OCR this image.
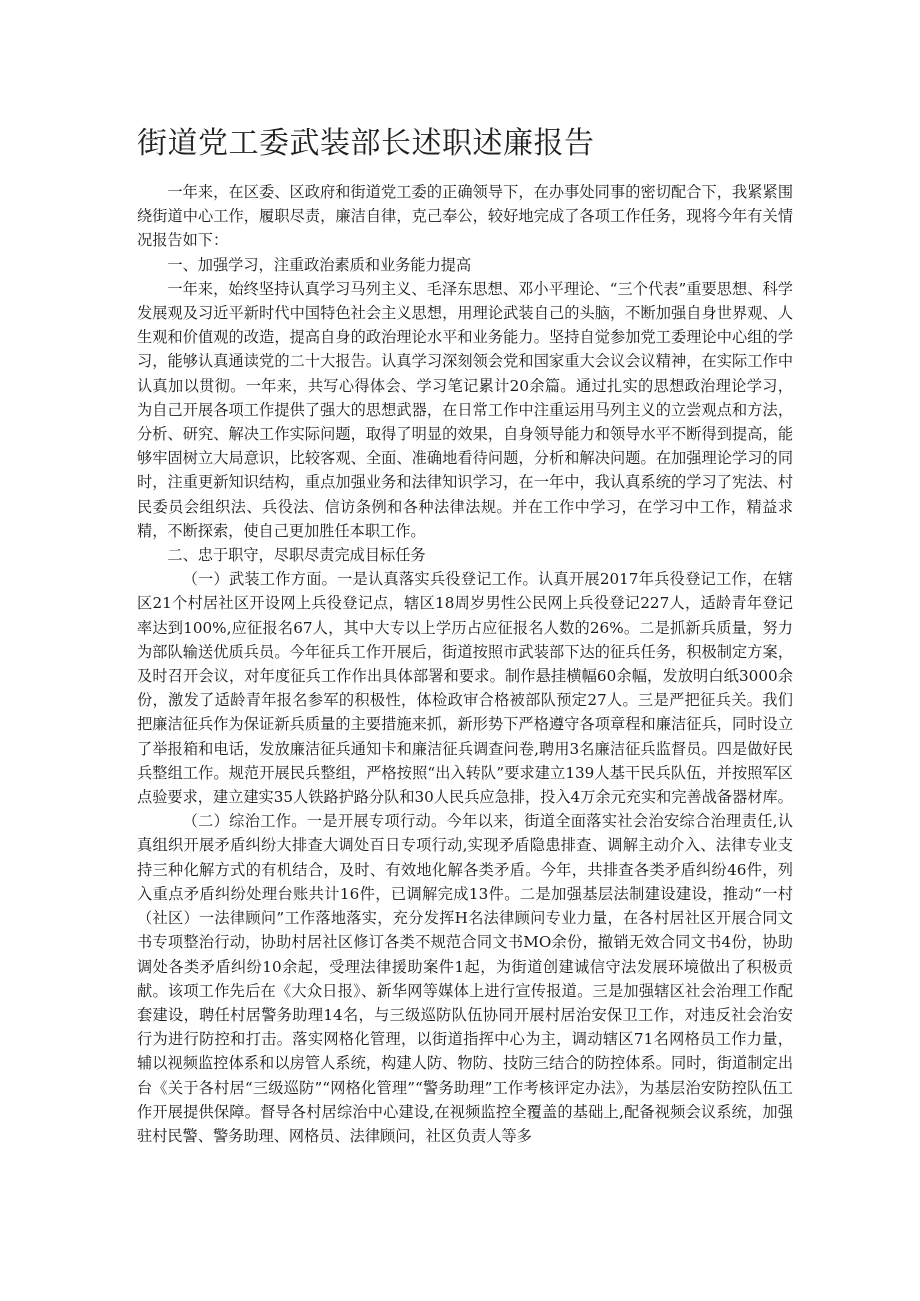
街道党工委武装部长述职述廉报告

一年来，在区委、区政府和街道党工委的正确领导下，在办事处同事的密切配合下，我紧紧围绕街道中心工作，履职尽责，廉洁自律，克己奉公，较好地完成了各项工作任务，现将今年有关情况报告如下：

一、加强学习，注重政治素质和业务能力提高

一年来，始终坚持认真学习马列主义、毛泽东思想、邓小平理论、“三个代表”重要思想、科学发展观及习近平新时代中国特色社会主义思想，用理论武装自己的头脑，不断加强自身世界观、人生观和价值观的改造，提高自身的政治理论水平和业务能力。坚持自觉参加党工委理论中心组的学习，能够认真通读党的二十大报告。认真学习深刻领会党和国家重大会议会议精神，在实际工作中认真加以贯彻。一年来，共写心得体会、学习笔记累计20余篇。通过扎实的思想政治理论学习，为自己开展各项工作提供了强大的思想武器，在日常工作中注重运用马列主义的立尝观点和方法，分析、研究、解决工作实际问题，取得了明显的效果，自身领导能力和领导水平不断得到提高，能够牢固树立大局意识，比较客观、全面、准确地看待问题，分析和解决问题。在加强理论学习的同时，注重更新知识结构，重点加强业务和法律知识学习，在一年中，我认真系统的学习了宪法、村民委员会组织法、兵役法、信访条例和各种法律法规。并在工作中学习，在学习中工作，精益求精，不断探索，使自己更加胜任本职工作。

二、忠于职守，尽职尽责完成目标任务

（一）武装工作方面。一是认真落实兵役登记工作。认真开展2017年兵役登记工作，在辖区21个村居社区开设网上兵役登记点，辖区18周岁男性公民网上兵役登记227人，适龄青年登记率达到100%,应征报名67人，其中大专以上学历占应征报名人数的26%。二是抓新兵质量，努力为部队输送优质兵员。今年征兵工作开展后，街道按照市武装部下达的征兵任务，积极制定方案，及时召开会议，对年度征兵工作作出具体部署和要求。制作悬挂横幅60余幅，发放明白纸3000余份，激发了适龄青年报名参军的积极性，体检政审合格被部队预定27人。三是严把征兵关。我们把廉洁征兵作为保证新兵质量的主要措施来抓，新形势下严格遵守各项章程和廉洁征兵，同时设立了举报箱和电话，发放廉洁征兵通知卡和廉洁征兵调查问卷,聘用3名廉洁征兵监督员。四是做好民兵整组工作。规范开展民兵整组，严格按照“出入转队”要求建立139人基干民兵队伍，并按照军区点验要求，建立建实35人铁路护路分队和30人民兵应急排，投入4万余元充实和完善战备器材库。

（二）综治工作。一是开展专项行动。今年以来，街道全面落实社会治安综合治理责任,认真组织开展矛盾纠纷大排查大调处百日专项行动,实现矛盾隐患排查、调解主动介入、法律专业支持三种化解方式的有机结合，及时、有效地化解各类矛盾。今年，共排查各类矛盾纠纷46件，列入重点矛盾纠纷处理台账共计16件，已调解完成13件。二是加强基层法制建设建设，推动“一村（社区）一法律顾问”工作落地落实，充分发挥H名法律顾问专业力量，在各村居社区开展合同文书专项整治行动，协助村居社区修订各类不规范合同文书MO余份，撤销无效合同文书4份，协助调处各类矛盾纠纷10余起，受理法律援助案件1起，为街道创建诚信守法发展环境做出了积极贡献。该项工作先后在《大众日报》、新华网等媒体上进行宣传报道。三是加强辖区社会治理工作配套建设，聘任村居警务助理14名，与三级巡防队伍协同开展村居治安保卫工作，对违反社会治安行为进行防控和打击。落实网格化管理，以街道指挥中心为主，调动辖区71名网格员工作力量，辅以视频监控体系和以房管人系统，构建人防、物防、技防三结合的防控体系。同时，街道制定出台《关于各村居“三级巡防”“网格化管理”“警务助理”工作考核评定办法》，为基层治安防控队伍工作开展提供保障。督导各村居综治中心建设,在视频监控全覆盖的基础上,配备视频会议系统，加强驻村民警、警务助理、网格员、法律顾问，社区负责人等多
